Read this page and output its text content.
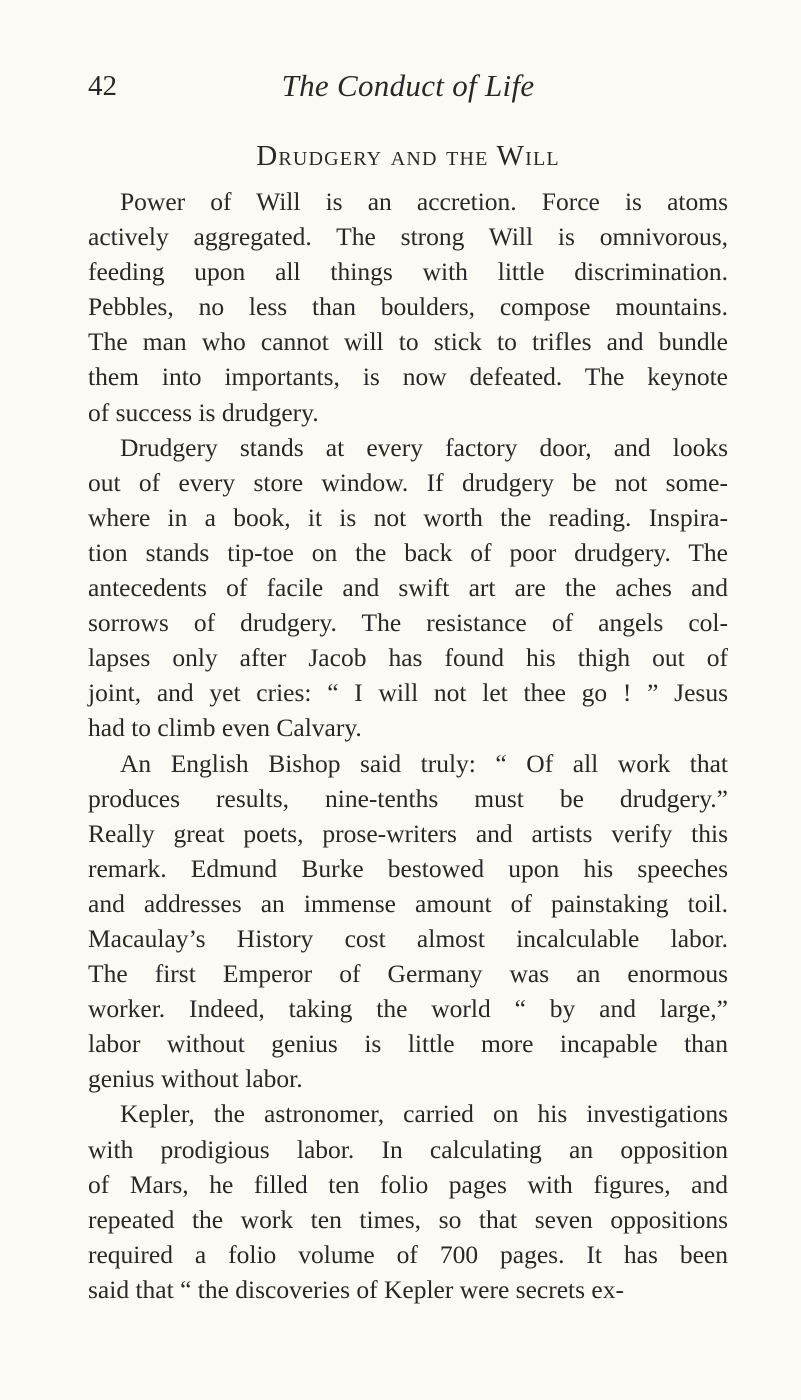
42	The Conduct of Life
Drudgery and the Will

Power of Will is an accretion. Force is atoms
actively aggregated. The strong Will is omnivorous,
feeding upon all things with little discrimination.
Pebbles, no less than boulders, compose mountains.
The man who cannot will to stick to trifles and bundle
them into importants, is now defeated. The keynote
of success is drudgery.

Drudgery stands at every factory door, and looks
out of every store window. If drudgery be not some-
where in a book, it is not worth the reading. Inspira-
tion stands tip-toe on the back of poor drudgery. The
antecedents of facile and swift art are the aches and
sorrows of drudgery. The resistance of angels col-
lapses only after Jacob has found his thigh out of
joint, and yet cries: “ I will not let thee go ! ” Jesus
had to climb even Calvary.

An English Bishop said truly: “ Of all work that
produces results, nine-tenths must be drudgery.”
Really great poets, prose-writers and artists verify this
remark. Edmund Burke bestowed upon his speeches
and addresses an immense amount of painstaking toil.
Macaulay’s History cost almost incalculable labor.
The first Emperor of Germany was an enormous
worker. Indeed, taking the world “ by and large,”
labor without genius is little more incapable than
genius without labor.

Kepler, the astronomer, carried on his investigations
with prodigious labor. In calculating an opposition
of Mars, he filled ten folio pages with figures, and
repeated the work ten times, so that seven oppositions
required a folio volume of 700 pages. It has been
said that “ the discoveries of Kepler were secrets ex-
